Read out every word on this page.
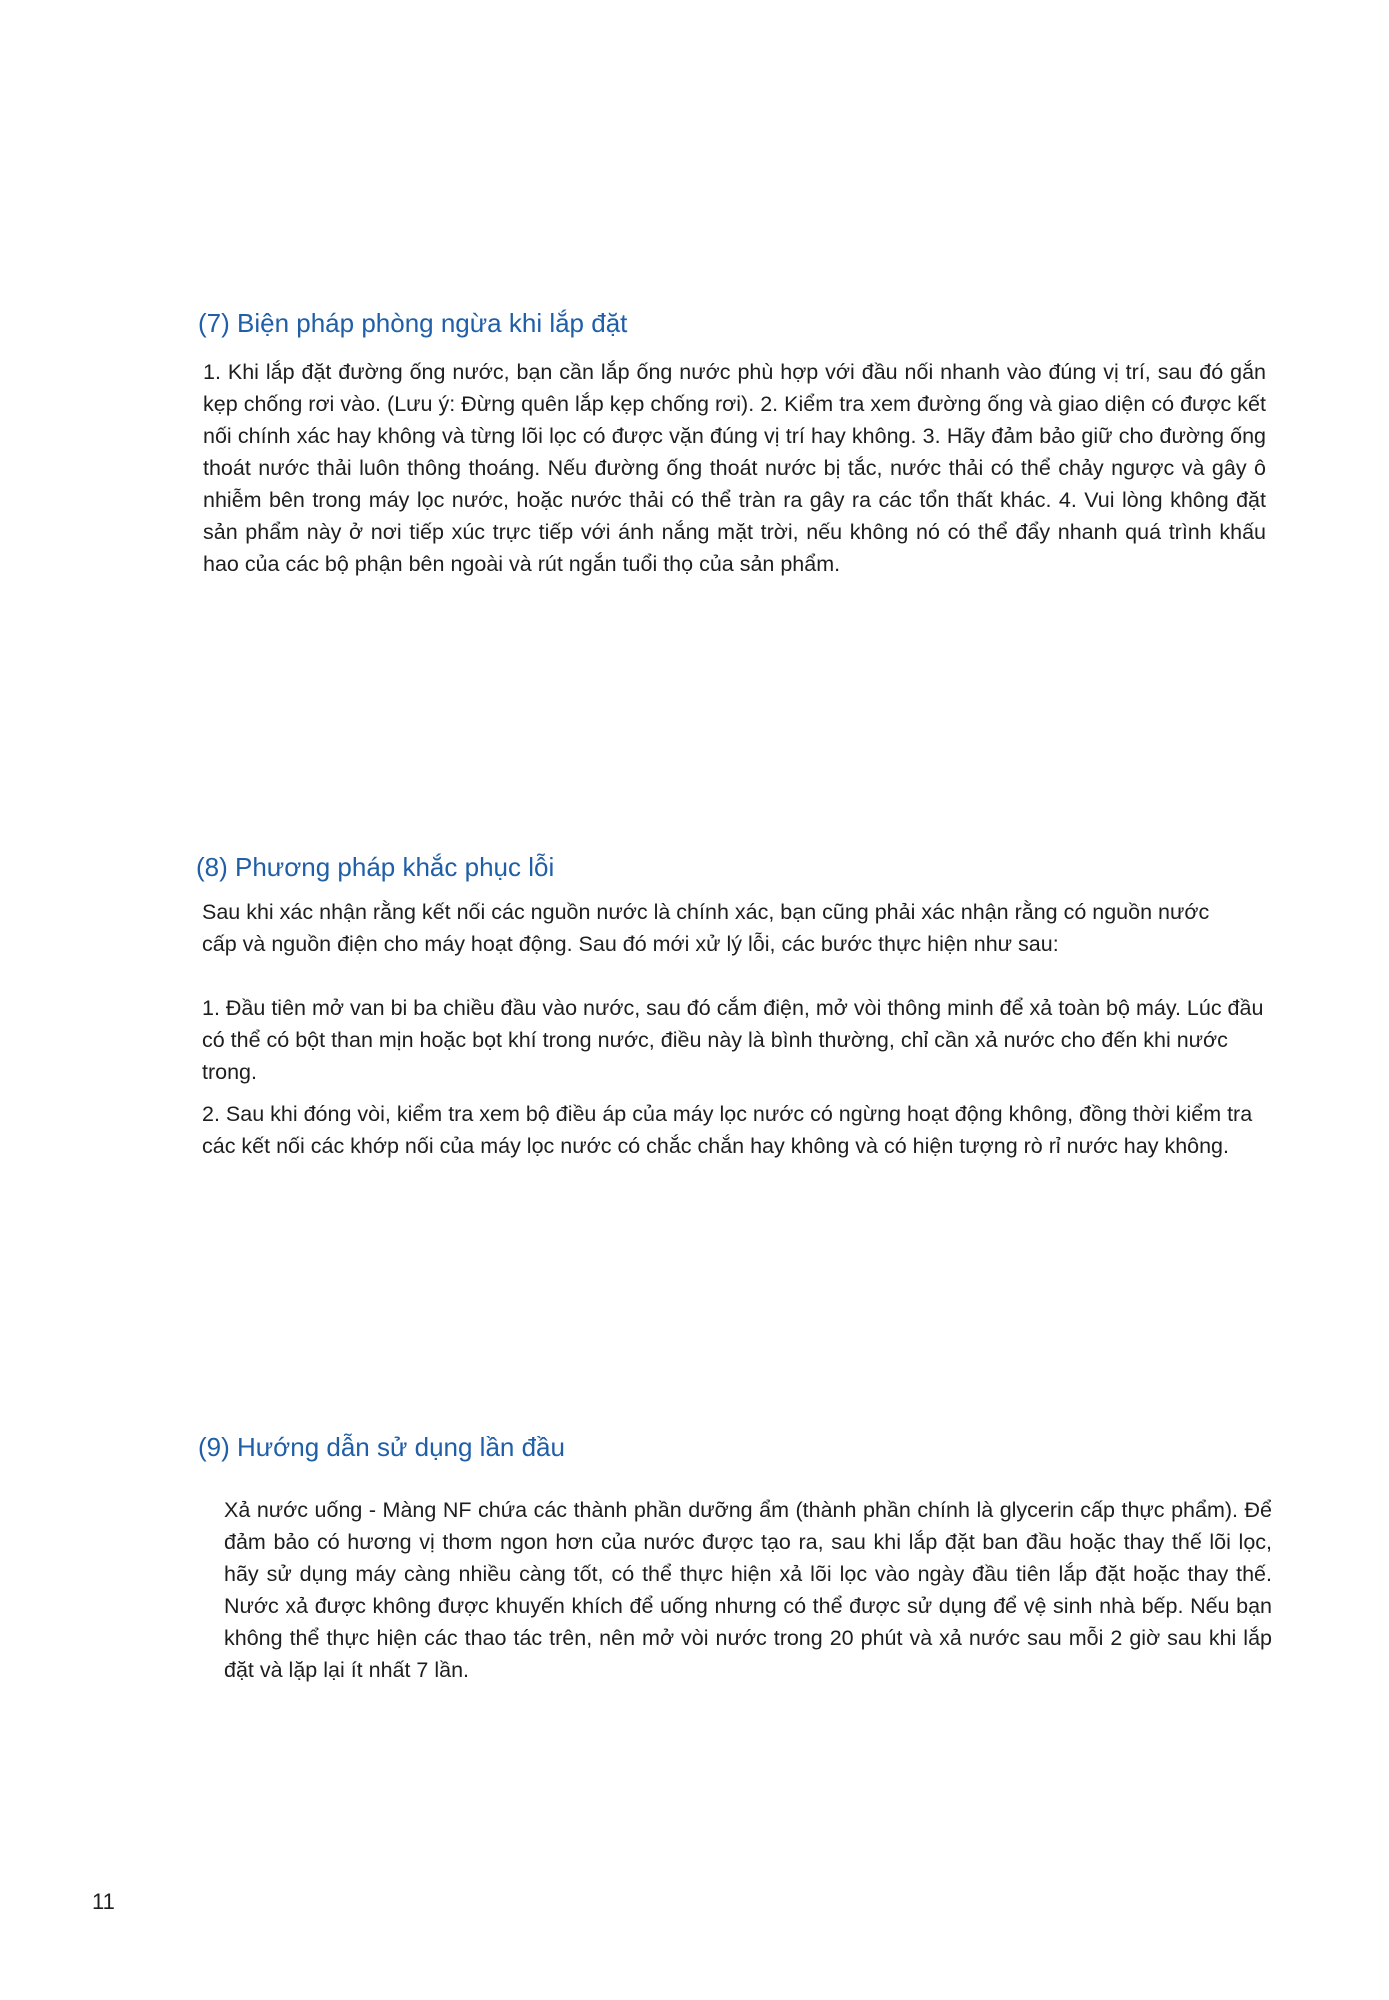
(7) Biện pháp phòng ngừa khi lắp đặt

1. Khi lắp đặt đường ống nước, bạn cần lắp ống nước phù hợp với đầu nối nhanh vào đúng vị trí, sau đó gắn kẹp chống rơi vào. (Lưu ý: Đừng quên lắp kẹp chống rơi). 2. Kiểm tra xem đường ống và giao diện có được kết nối chính xác hay không và từng lõi lọc có được vặn đúng vị trí hay không. 3. Hãy đảm bảo giữ cho đường ống thoát nước thải luôn thông thoáng. Nếu đường ống thoát nước bị tắc, nước thải có thể chảy ngược và gây ô nhiễm bên trong máy lọc nước, hoặc nước thải có thể tràn ra gây ra các tổn thất khác. 4. Vui lòng không đặt sản phẩm này ở nơi tiếp xúc trực tiếp với ánh nắng mặt trời, nếu không nó có thể đẩy nhanh quá trình khấu hao của các bộ phận bên ngoài và rút ngắn tuổi thọ của sản phẩm.

(8) Phương pháp khắc phục lỗi

Sau khi xác nhận rằng kết nối các nguồn nước là chính xác, bạn cũng phải xác nhận rằng có nguồn nước cấp và nguồn điện cho máy hoạt động. Sau đó mới xử lý lỗi, các bước thực hiện như sau:

1. Đầu tiên mở van bi ba chiều đầu vào nước, sau đó cắm điện, mở vòi thông minh để xả toàn bộ máy. Lúc đầu có thể có bột than mịn hoặc bọt khí trong nước, điều này là bình thường, chỉ cần xả nước cho đến khi nước trong.

2. Sau khi đóng vòi, kiểm tra xem bộ điều áp của máy lọc nước có ngừng hoạt động không, đồng thời kiểm tra các kết nối các khớp nối của máy lọc nước có chắc chắn hay không và có hiện tượng rò rỉ nước hay không.

(9) Hướng dẫn sử dụng lần đầu

Xả nước uống - Màng NF chứa các thành phần dưỡng ẩm (thành phần chính là glycerin cấp thực phẩm). Để đảm bảo có hương vị thơm ngon hơn của nước được tạo ra, sau khi lắp đặt ban đầu hoặc thay thế lõi lọc, hãy sử dụng máy càng nhiều càng tốt, có thể thực hiện xả lõi lọc vào ngày đầu tiên lắp đặt hoặc thay thế. Nước xả được không được khuyến khích để uống nhưng có thể được sử dụng để vệ sinh nhà bếp. Nếu bạn không thể thực hiện các thao tác trên, nên mở vòi nước trong 20 phút và xả nước sau mỗi 2 giờ sau khi lắp đặt và lặp lại ít nhất 7 lần.

11
